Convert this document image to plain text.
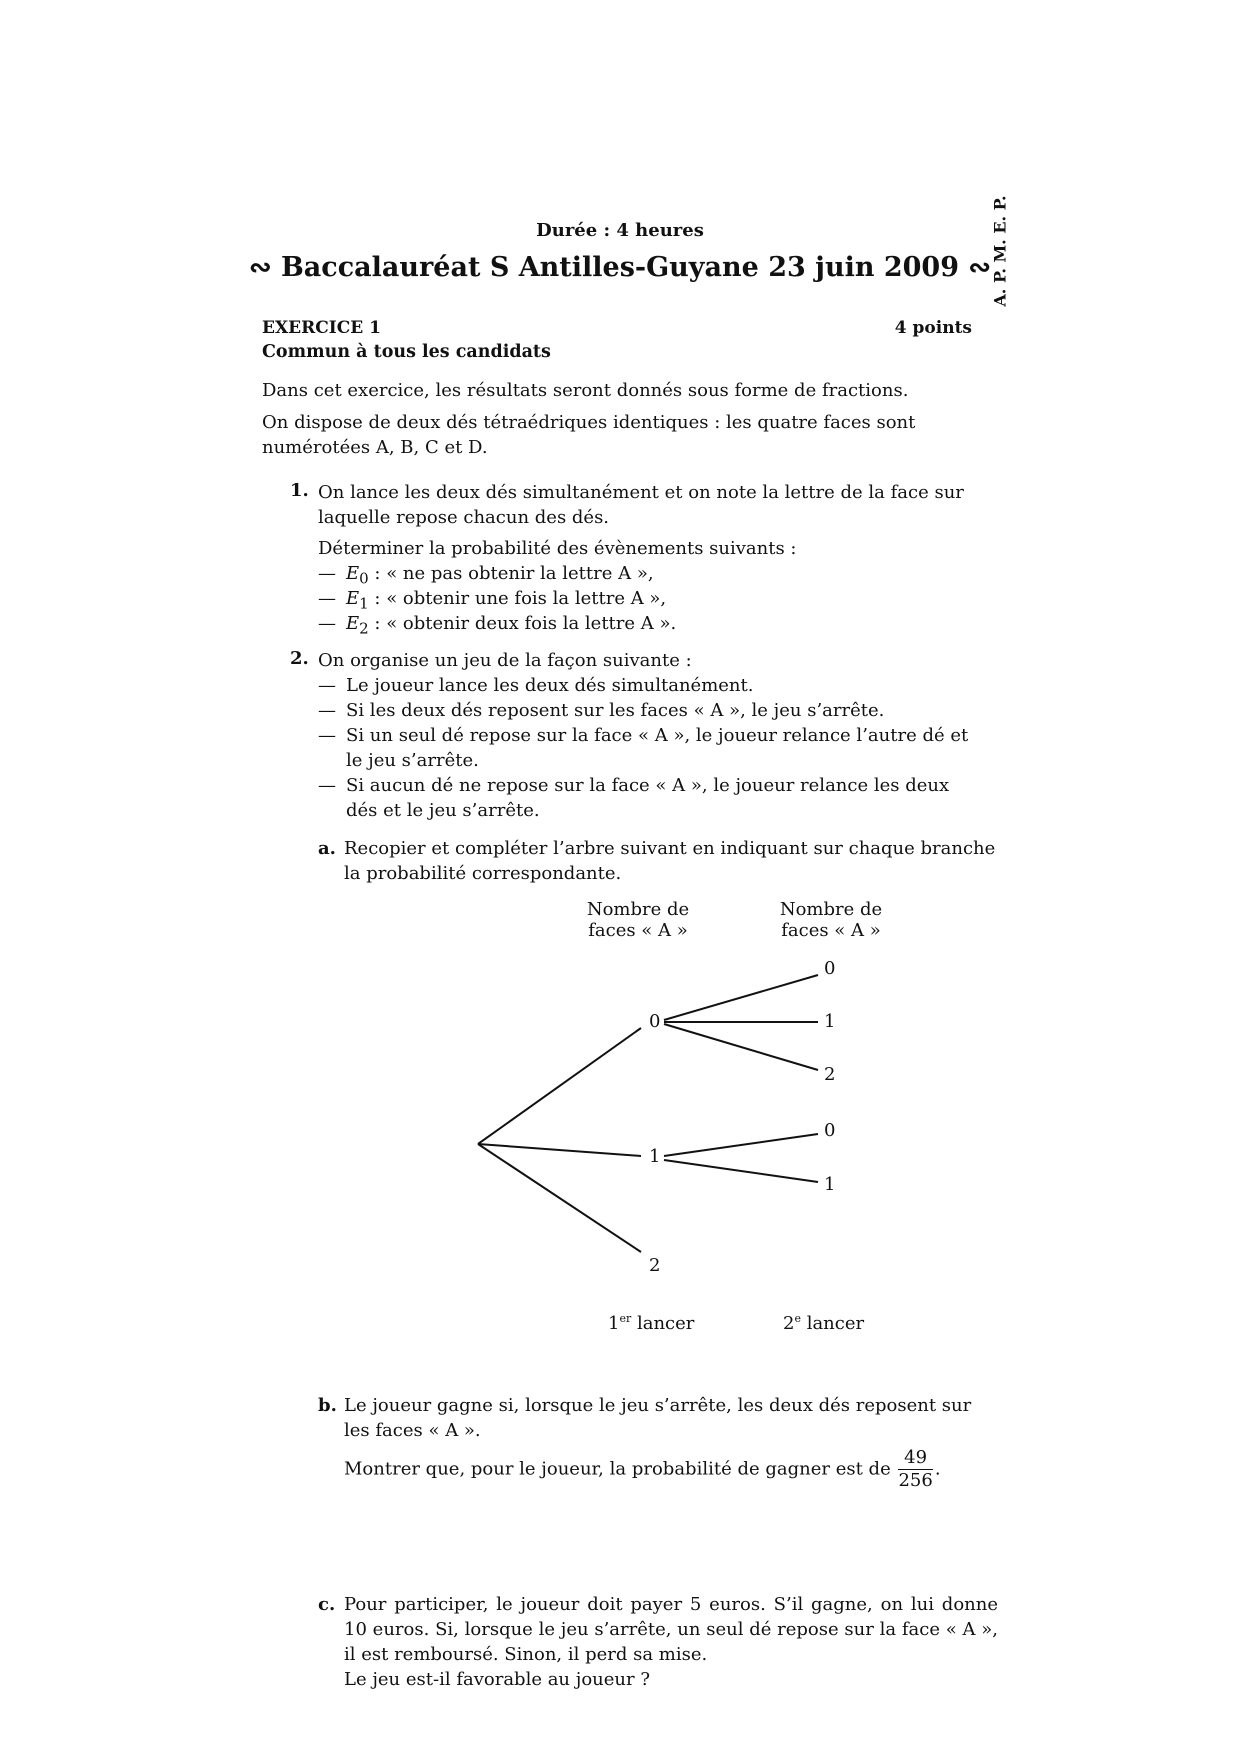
Durée : 4 heures
∾ Baccalauréat S Antilles-Guyane 23 juin 2009 ∾ A. P. M. E. P.
EXERCICE 1	4 points
Commun à tous les candidats
Dans cet exercice, les résultats seront donnés sous forme de fractions.
On dispose de deux dés tétraédriques identiques : les quatre faces sont numérotées A, B, C et D.
1. On lance les deux dés simultanément et on note la lettre de la face sur laquelle repose chacun des dés.
Déterminer la probabilité des évènements suivants :
— $E_0$ : « ne pas obtenir la lettre A »,
— $E_1$ : « obtenir une fois la lettre A »,
— $E_2$ : « obtenir deux fois la lettre A ».
2. On organise un jeu de la façon suivante :
— Le joueur lance les deux dés simultanément.
— Si les deux dés reposent sur les faces « A », le jeu s’arrête.
— Si un seul dé repose sur la face « A », le joueur relance l’autre dé et le jeu s’arrête.
— Si aucun dé ne repose sur la face « A », le joueur relance les deux dés et le jeu s’arrête.
a. Recopier et compléter l’arbre suivant en indiquant sur chaque branche la probabilité correspondante.
Nombre de
faces « A »
Nombre de
faces « A »
0
1
2
0
1
2
0
1
1er lancer	2e lancer
b. Le joueur gagne si, lorsque le jeu s’arrête, les deux dés reposent sur les faces « A ».
Montrer que, pour le joueur, la probabilité de gagner est de $\frac{49}{256}$ .
c. Pour participer, le joueur doit payer 5 euros. S’il gagne, on lui donne 10 euros. Si, lorsque le jeu s’arrête, un seul dé repose sur la face « A », il est remboursé. Sinon, il perd sa mise.
Le jeu est-il favorable au joueur ?
